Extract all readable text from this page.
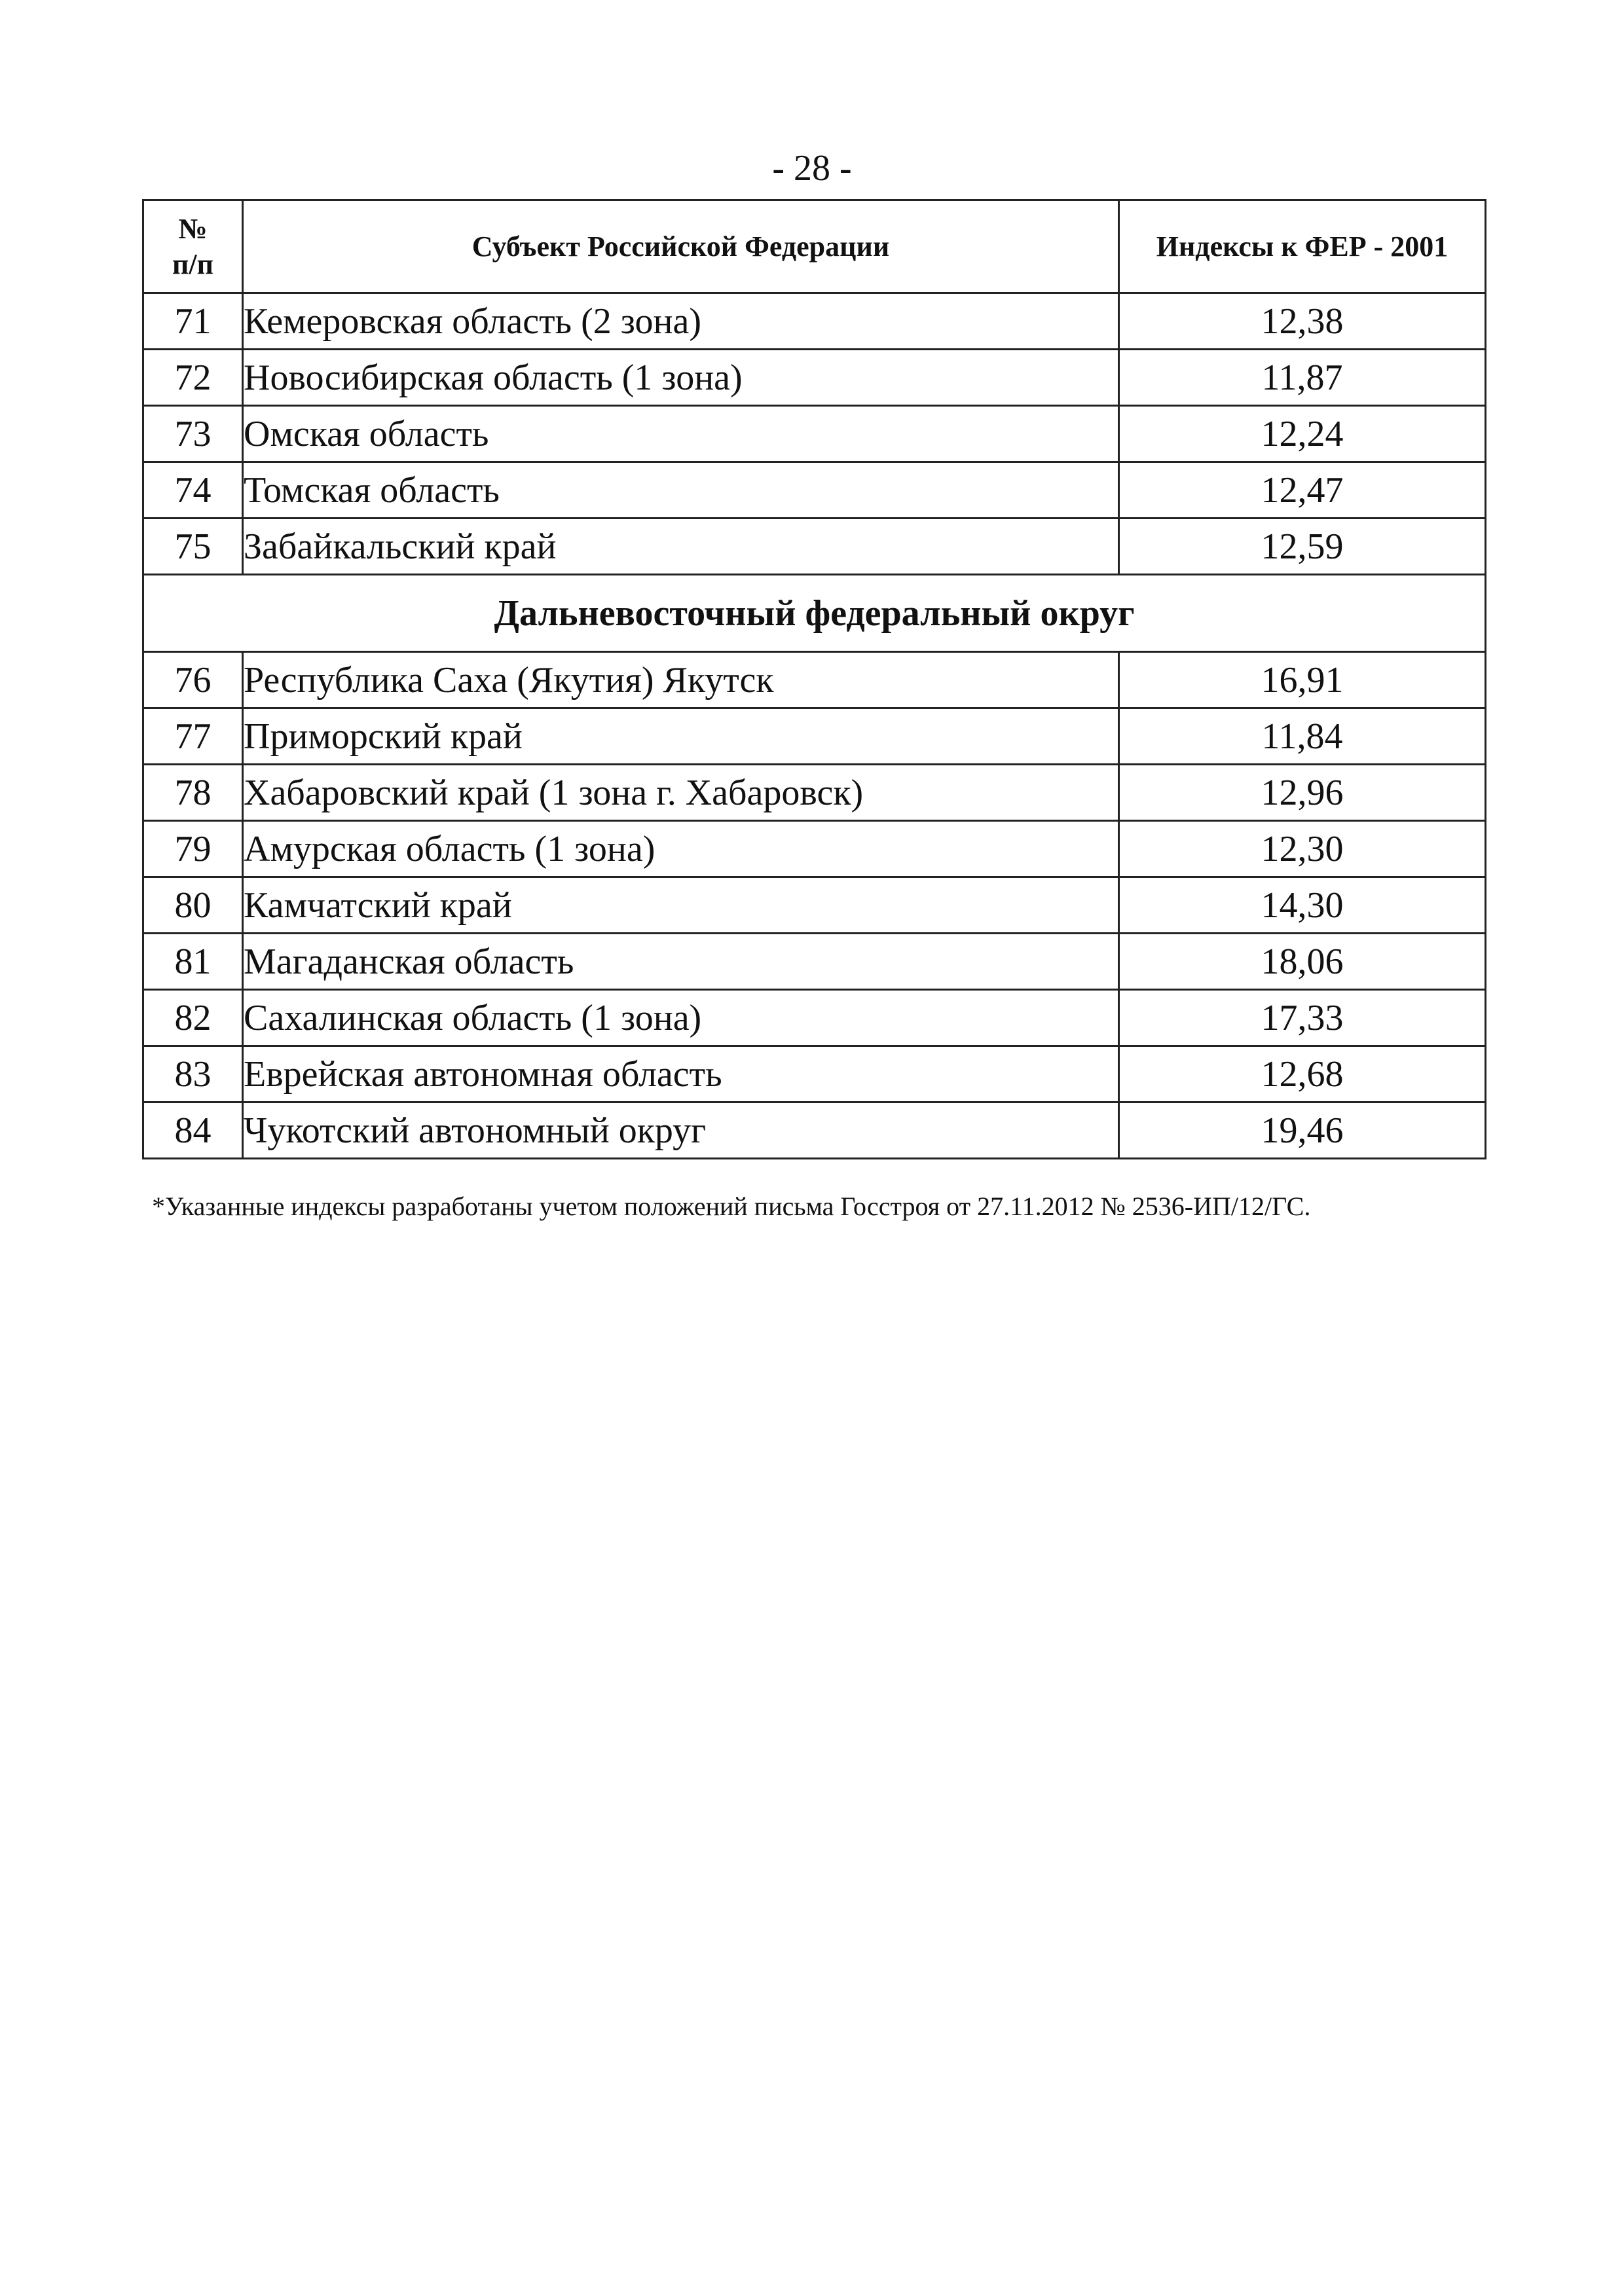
- 28 -
№
п/п	Субъект Российской Федерации	Индексы к ФЕР - 2001
71	Кемеровская область (2 зона)	12,38
72	Новосибирская область (1 зона)	11,87
73	Омская область	12,24
74	Томская область	12,47
75	Забайкальский край	12,59
Дальневосточный федеральный округ		
76	Республика Саха (Якутия) Якутск	16,91
77	Приморский край	11,84
78	Хабаровский край (1 зона г. Хабаровск)	12,96
79	Амурская область (1 зона)	12,30
80	Камчатский край	14,30
81	Магаданская область	18,06
82	Сахалинская область (1 зона)	17,33
83	Еврейская автономная область	12,68
84	Чукотский автономный округ	19,46
*Указанные индексы разработаны учетом положений письма Госстроя от 27.11.2012 № 2536-ИП/12/ГС.
